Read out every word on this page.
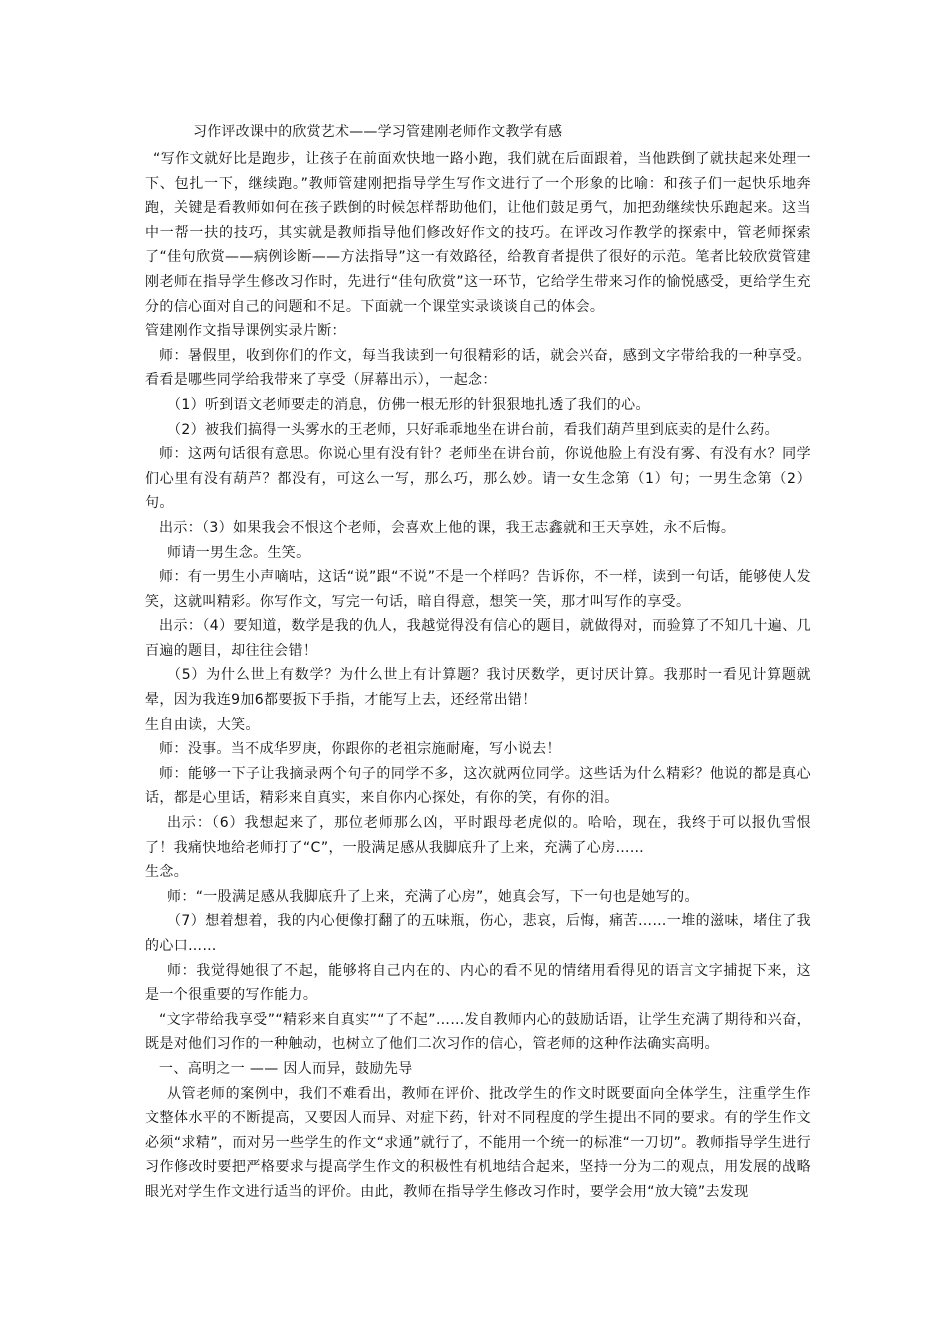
习作评改课中的欣赏艺术——学习管建刚老师作文教学有感

“写作文就好比是跑步，让孩子在前面欢快地一路小跑，我们就在后面跟着，当他跌倒了就扶起来处理一下、包扎一下，继续跑。”教师管建刚把指导学生写作文进行了一个形象的比喻：和孩子们一起快乐地奔跑，关键是看教师如何在孩子跌倒的时候怎样帮助他们，让他们鼓足勇气，加把劲继续快乐跑起来。这当中一帮一扶的技巧，其实就是教师指导他们修改好作文的技巧。在评改习作教学的探索中，管老师探索了“佳句欣赏——病例诊断——方法指导”这一有效路径，给教育者提供了很好的示范。笔者比较欣赏管建刚老师在指导学生修改习作时，先进行“佳句欣赏”这一环节，它给学生带来习作的愉悦感受，更给学生充分的信心面对自己的问题和不足。下面就一个课堂实录谈谈自己的体会。

管建刚作文指导课例实录片断：

师：暑假里，收到你们的作文，每当我读到一句很精彩的话，就会兴奋，感到文字带给我的一种享受。看看是哪些同学给我带来了享受（屏幕出示），一起念：

（1）听到语文老师要走的消息，仿佛一根无形的针狠狠地扎透了我们的心。

（2）被我们搞得一头雾水的王老师，只好乖乖地坐在讲台前，看我们葫芦里到底卖的是什么药。

师：这两句话很有意思。你说心里有没有针？老师坐在讲台前，你说他脸上有没有雾、有没有水？同学们心里有没有葫芦？都没有，可这么一写，那么巧，那么妙。请一女生念第（1）句；一男生念第（2）句。

出示：（3）如果我会不恨这个老师，会喜欢上他的课，我王志鑫就和王天享姓，永不后悔。

师请一男生念。生笑。

师：有一男生小声嘀咕，这话“说”跟“不说”不是一个样吗？告诉你，不一样，读到一句话，能够使人发笑，这就叫精彩。你写作文，写完一句话，暗自得意，想笑一笑，那才叫写作的享受。

出示：（4）要知道，数学是我的仇人，我越觉得没有信心的题目，就做得对，而验算了不知几十遍、几百遍的题目，却往往会错！

（5）为什么世上有数学？为什么世上有计算题？我讨厌数学，更讨厌计算。我那时一看见计算题就晕，因为我连9加6都要扳下手指，才能写上去，还经常出错！

生自由读，大笑。

师：没事。当不成华罗庚，你跟你的老祖宗施耐庵，写小说去！

师：能够一下子让我摘录两个句子的同学不多，这次就两位同学。这些话为什么精彩？他说的都是真心话，都是心里话，精彩来自真实，来自你内心探处，有你的笑，有你的泪。

出示：（6）我想起来了，那位老师那么凶，平时跟母老虎似的。哈哈，现在，我终于可以报仇雪恨了！我痛快地给老师打了“C”，一股满足感从我脚底升了上来，充满了心房……

生念。

师：“一股满足感从我脚底升了上来，充满了心房”，她真会写，下一句也是她写的。

（7）想着想着，我的内心便像打翻了的五味瓶，伤心，悲哀，后悔，痛苦……一堆的滋味，堵住了我的心口……

师：我觉得她很了不起，能够将自己内在的、内心的看不见的情绪用看得见的语言文字捕捉下来，这是一个很重要的写作能力。

“文字带给我享受”“精彩来自真实”“了不起”……发自教师内心的鼓励话语，让学生充满了期待和兴奋，既是对他们习作的一种触动，也树立了他们二次习作的信心，管老师的这种作法确实高明。

一、高明之一 —— 因人而异，鼓励先导

从管老师的案例中，我们不难看出，教师在评价、批改学生的作文时既要面向全体学生，注重学生作文整体水平的不断提高，又要因人而异、对症下药，针对不同程度的学生提出不同的要求。有的学生作文必须“求精”，而对另一些学生的作文“求通”就行了，不能用一个统一的标准“一刀切”。教师指导学生进行习作修改时要把严格要求与提高学生作文的积极性有机地结合起来，坚持一分为二的观点，用发展的战略眼光对学生作文进行适当的评价。由此，教师在指导学生修改习作时，要学会用“放大镜”去发现
